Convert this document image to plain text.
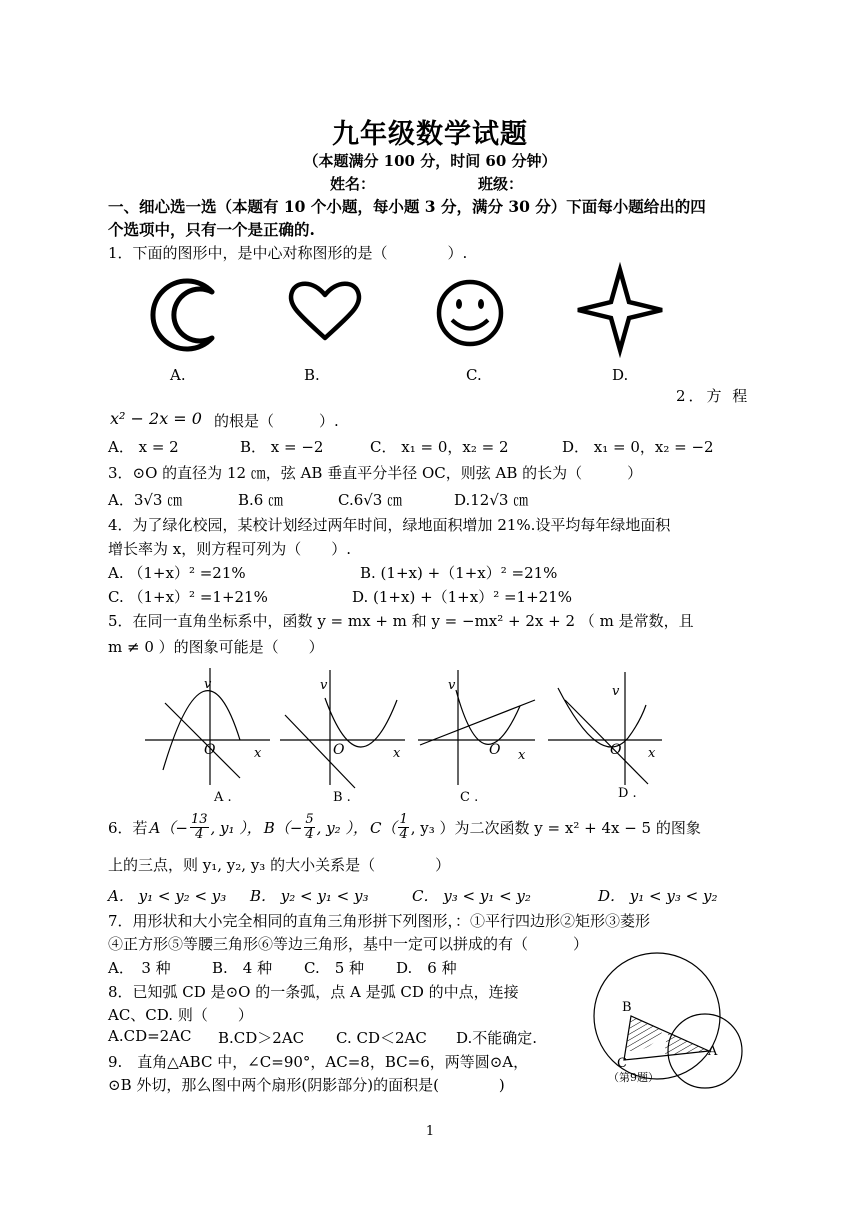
九年级数学试题
（本题满分 100 分，时间 60 分钟）
姓名：	班级：
一、细心选一选（本题有 10 个小题，每小题 3 分，满分 30 分）下面每小题给出的四
个选项中，只有一个是正确的.
1．下面的图形中，是中心对称图形的是（　　　　）.
A.	B.	C.	D.
2．方 程
x² − 2x = 0 的根是（　　　）.
A． x = 2	B． x = −2	C． x₁ = 0，x₂ = 2	D． x₁ = 0，x₂ = −2
3．⊙O 的直径为 12 ㎝，弦 AB 垂直平分半径 OC，则弦 AB 的长为（　　　）
A．3√3 ㎝	B.6 ㎝	C.6√3 ㎝	D.12√3 ㎝
4．为了绿化校园，某校计划经过两年时间，绿地面积增加 21%.设平均每年绿地面积
增长率为 x，则方程可列为（　　）.
A. （1+x）² =21%	B. (1+x) +（1+x）² =21%
C. （1+x）² =1+21%	D. (1+x) +（1+x）² =1+21%
5．在同一直角坐标系中，函数 y = mx + m 和 y = −mx² + 2x + 2 （ m 是常数，且
m ≠ 0 ）的图象可能是（　　）
v
O	x
v
O	x
v
O x
v
O x
A .	B .	C .	D .
6．若 $A(- \frac{13}{4}$ , y₁ ）， $B(- \frac{5}{4}$ , y₂ ）， $C( \frac{1}{4}$ , y₃ ）为二次函数 y = x² + 4x − 5 的图象
上的三点，则 y₁, y₂, y₃ 的大小关系是（　　　　）
A． y₁ < y₂ < y₃ B． y₂ < y₁ < y₃	C． y₃ < y₁ < y₂	D． y₁ < y₃ < y₂
7．用形状和大小完全相同的直角三角形拼下列图形，：①平行四边形②矩形③菱形
④正方形⑤等腰三角形⑥等边三角形，基中一定可以拼成的有（　　　）
A．　3 种	B.　4 种 C.　5 种 D.　6 种
8．已知弧 CD 是⊙O 的一条弧，点 A 是弧 CD 的中点，连接
AC、CD. 则（　　）
A.CD=2AC B.CD＞2AC C. CD＜2AC D.不能确定.
9.　直角△ABC 中，∠C=90°，AC=8，BC=6，两等圆⊙A，
⊙B 外切，那么图中两个扇形(阴影部分)的面积是(　　　　)
B
C
A
（第9题）
1
